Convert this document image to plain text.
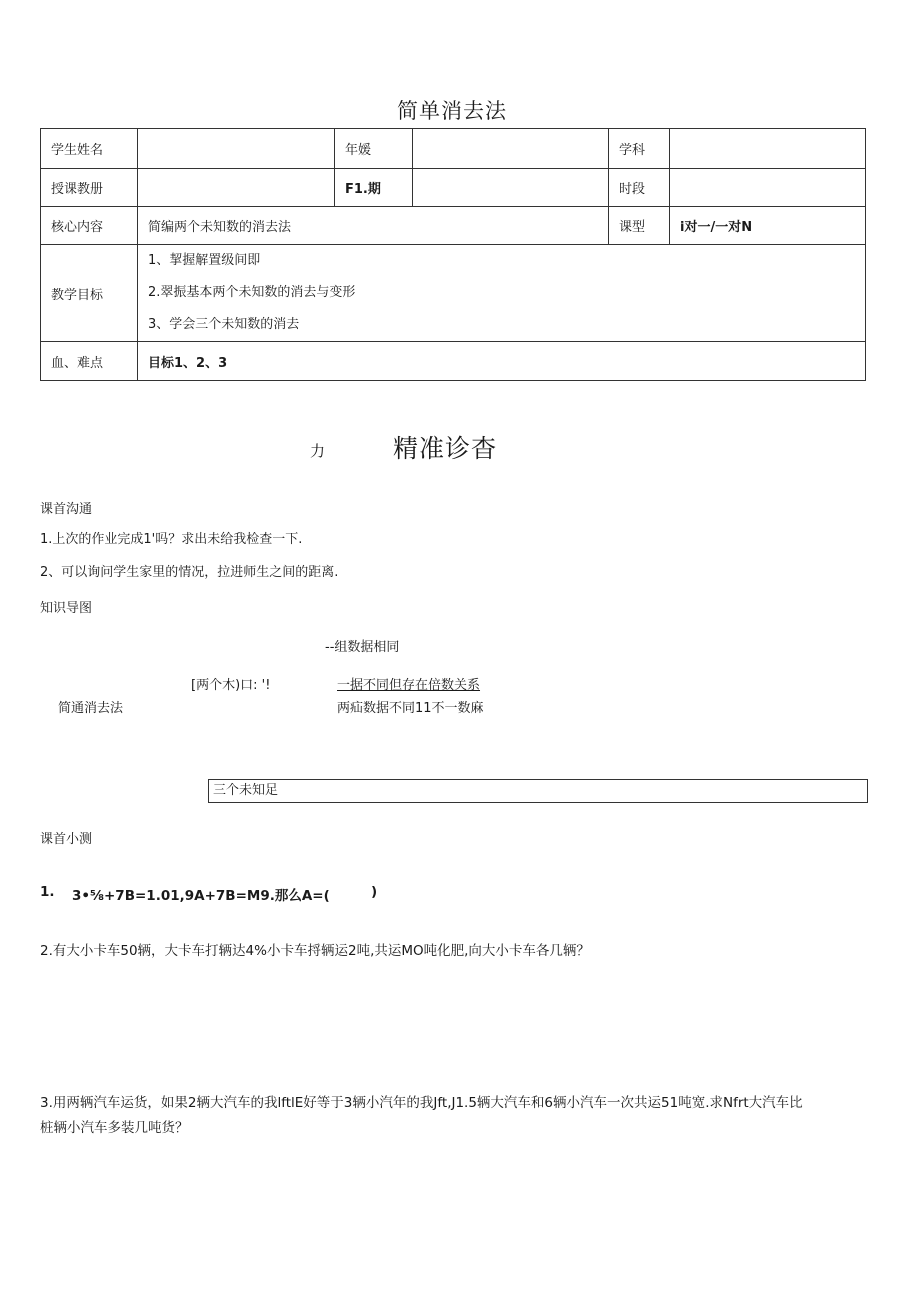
简单消去法
学生姓名		年媛		学科	
授课教册		F1.期		时段	
核心内容	简编两个未知数的消去法			课型	i对一/一对N
教学目标	1、挈握解置级间即
2.翠振基本两个未知数的消去与变形
3、学会三个未知数的消去				

血、难点	目标1、2、3				
力	精准诊杳
课首沟通
1.上次的作业完成1'吗？求出未给我检查一下.
2、可以询问学生家里的情况，拉进师生之间的距离.
知识导图
--组数据相同
[两个木)口: '!	一据不同但存在倍数关系
简通消去法	两疝数据不同11不一数麻
三个未知足
课首小测
1. 3•⅝+7B=1.01,9A+7B=M9.那么A=(	)
2.有大小卡车50辆，大卡车打辆达4%小卡车捋辆运2吨,共运MO吨化肥,向大小卡车各几辆？
3.用两辆汽车运货，如果2辆大汽车的我lftlE好等于3辆小汽年的我Jft,J1.5辆大汽车和6辆小汽车一次共运51吨宽.求Nfrt大汽车比
桩辆小汽车多装几吨货？
